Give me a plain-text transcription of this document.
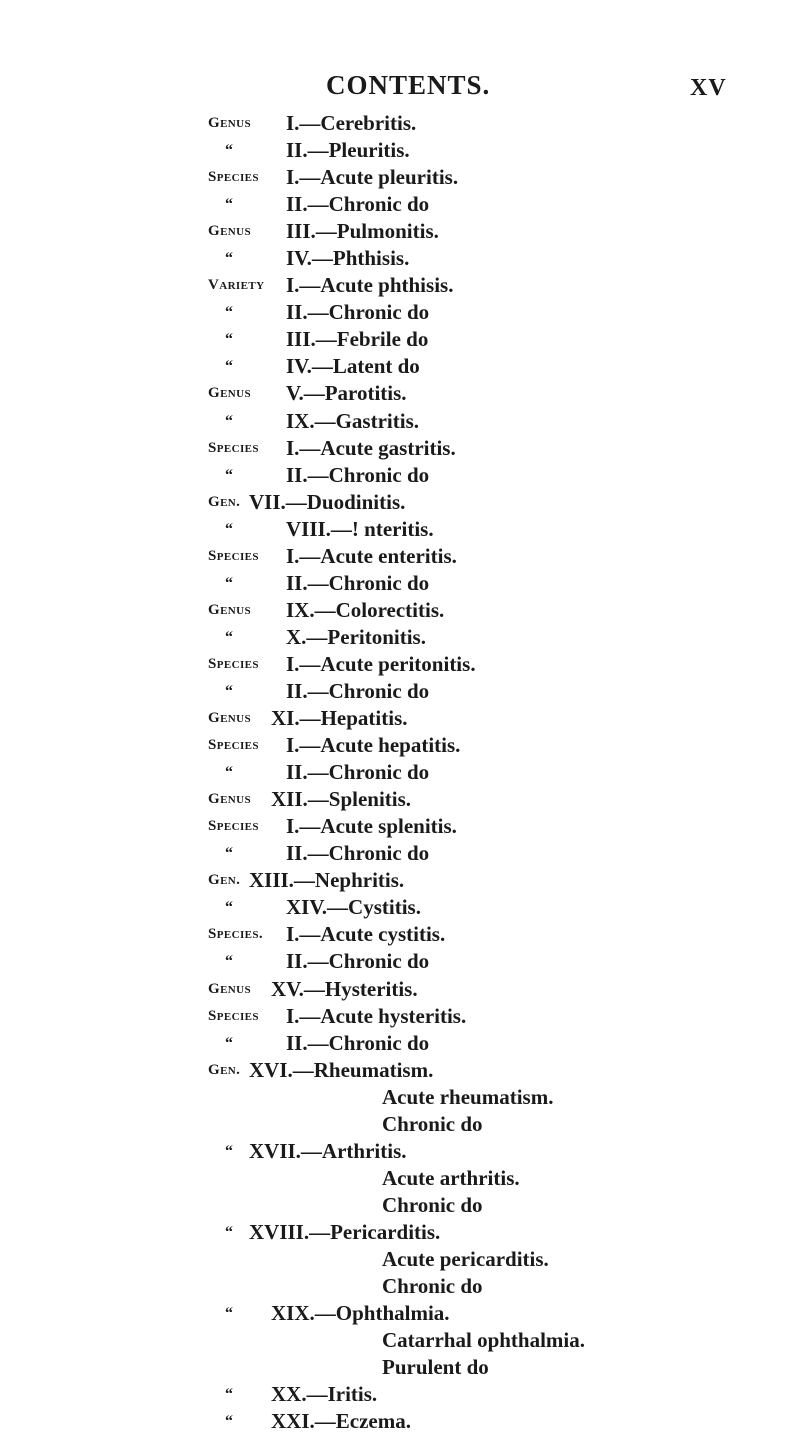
CONTENTS.	XV
Genus I.—Cerebritis.
“	II.—Pleuritis.
Species I.—Acute pleuritis.
“	II.—Chronic do
Genus III.—Pulmonitis.
“	IV.—Phthisis.
Variety I.—Acute phthisis.
“	II.—Chronic do
“	III.—Febrile do
“	IV.—Latent do
Genus V.—Parotitis.
“	IX.—Gastritis.
Species I.—Acute gastritis.
“	II.—Chronic do
Gen. VII.—Duodinitis.
“	VIII.—! nteritis.
Species I.—Acute enteritis.
“	II.—Chronic do
Genus IX.—Colorectitis.
“	X.—Peritonitis.
Species I.—Acute peritonitis.
“	II.—Chronic do
Genus XI.—Hepatitis.
Species I.—Acute hepatitis.
“	II.—Chronic do
Genus XII.—Splenitis.
Species I.—Acute splenitis.
“	II.—Chronic do
Gen. XIII.—Nephritis.
“	XIV.—Cystitis.
Species. I.—Acute cystitis.
“	II.—Chronic do
Genus XV.—Hysteritis.
Species I.—Acute hysteritis.
“	II.—Chronic do
Gen. XVI.—Rheumatism.
Acute rheumatism.
Chronic do
“ XVII.—Arthritis.
Acute arthritis.
Chronic do
“ XVIII.—Pericarditis.
Acute pericarditis.
Chronic do
“ XIX.—Ophthalmia.
Catarrhal ophthalmia.
Purulent do
“ XX.—Iritis.
“ XXI.—Eczema.
